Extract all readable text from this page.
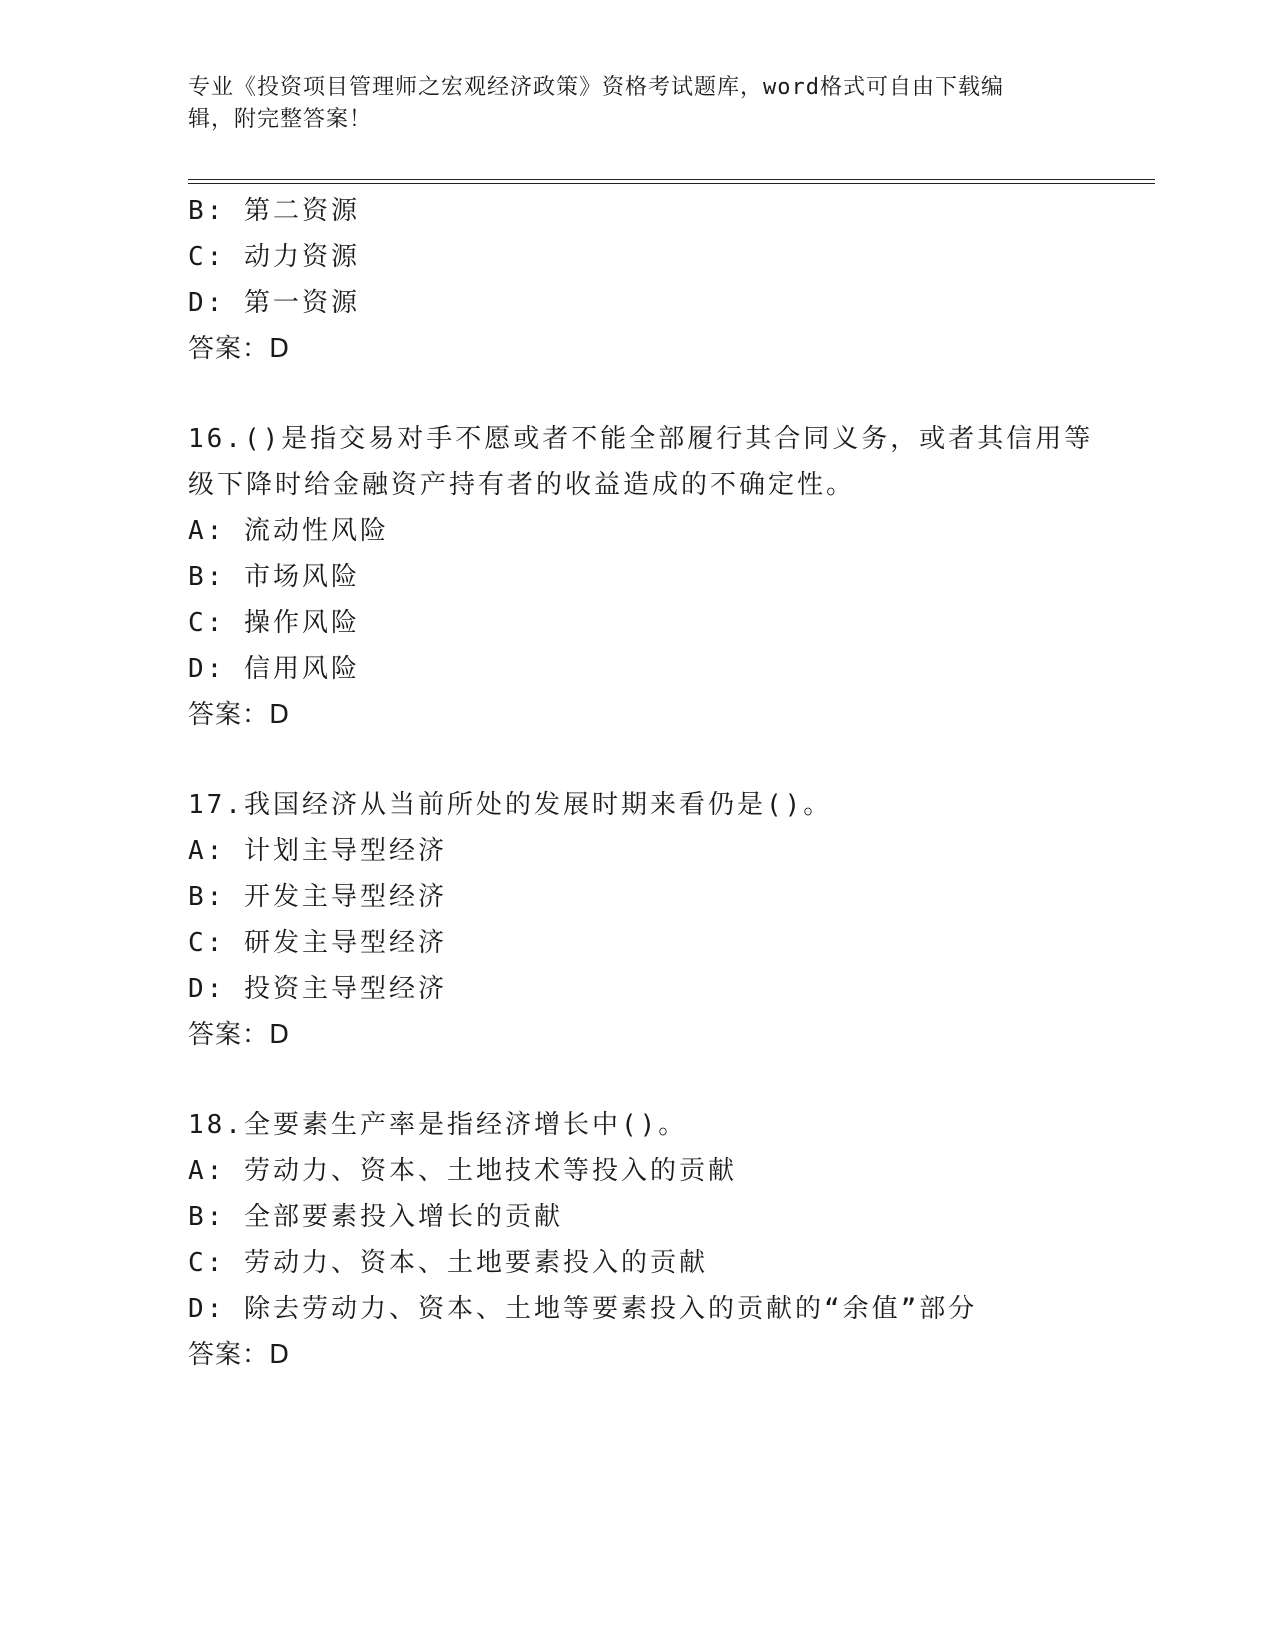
专业《投资项目管理师之宏观经济政策》资格考试题库，word格式可自由下载编
辑，附完整答案！
B: 第二资源
C: 动力资源
D: 第一资源
答案：D
16.()是指交易对手不愿或者不能全部履行其合同义务，或者其信用等
级下降时给金融资产持有者的收益造成的不确定性。
A: 流动性风险
B: 市场风险
C: 操作风险
D: 信用风险
答案：D
17.我国经济从当前所处的发展时期来看仍是()。
A: 计划主导型经济
B: 开发主导型经济
C: 研发主导型经济
D: 投资主导型经济
答案：D
18.全要素生产率是指经济增长中()。
A: 劳动力、资本、土地技术等投入的贡献
B: 全部要素投入增长的贡献
C: 劳动力、资本、土地要素投入的贡献
D: 除去劳动力、资本、土地等要素投入的贡献的“余值”部分
答案：D
